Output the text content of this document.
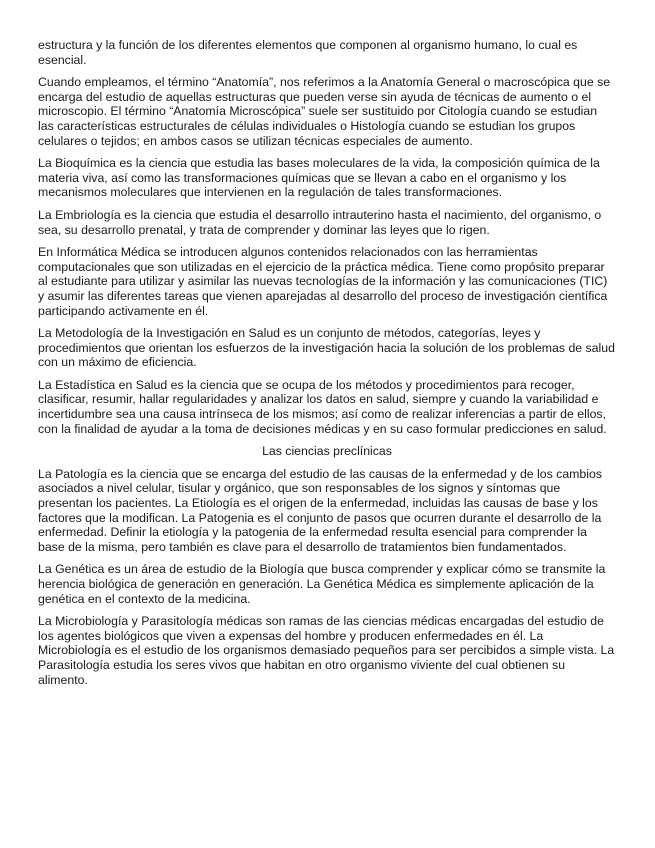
estructura y la función de los diferentes elementos que componen al organismo humano, lo cual es esencial.

Cuando empleamos, el término “Anatomía”, nos referimos a la Anatomía General o macroscópica que se encarga del estudio de aquellas estructuras que pueden verse sin ayuda de técnicas de aumento o el microscopio. El término “Anatomía Microscópica” suele ser sustituido por Citología cuando se estudian las características estructurales de células individuales o Histología cuando se estudian los grupos celulares o tejidos; en ambos casos se utilizan técnicas especiales de aumento.

La Bioquímica es la ciencia que estudia las bases moleculares de la vida, la composición química de la materia viva, así como las transformaciones químicas que se llevan a cabo en el organismo y los mecanismos moleculares que intervienen en la regulación de tales transformaciones.

La Embriología es la ciencia que estudia el desarrollo intrauterino hasta el nacimiento, del organismo, o sea, su desarrollo prenatal, y trata de comprender y dominar las leyes que lo rigen.

En Informática Médica se introducen algunos contenidos relacionados con las herramientas computacionales que son utilizadas en el ejercicio de la práctica médica. Tiene como propósito preparar al estudiante para utilizar y asimilar las nuevas tecnologías de la información y las comunicaciones (TIC) y asumir las diferentes tareas que vienen aparejadas al desarrollo del proceso de investigación científica participando activamente en él.

La Metodología de la Investigación en Salud es un conjunto de métodos, categorías, leyes y procedimientos que orientan los esfuerzos de la investigación hacia la solución de los problemas de salud con un máximo de eficiencia.

La Estadística en Salud es la ciencia que se ocupa de los métodos y procedimientos para recoger, clasificar, resumir, hallar regularidades y analizar los datos en salud, siempre y cuando la variabilidad e incertidumbre sea una causa intrínseca de los mismos; así como de realizar inferencias a partir de ellos, con la finalidad de ayudar a la toma de decisiones médicas y en su caso formular predicciones en salud.

Las ciencias preclínicas

La Patología es la ciencia que se encarga del estudio de las causas de la enfermedad y de los cambios asociados a nivel celular, tisular y orgánico, que son responsables de los signos y síntomas que presentan los pacientes. La Etiología es el origen de la enfermedad, incluidas las causas de base y los factores que la modifican. La Patogenia es el conjunto de pasos que ocurren durante el desarrollo de la enfermedad. Definir la etiología y la patogenia de la enfermedad resulta esencial para comprender la base de la misma, pero también es clave para el desarrollo de tratamientos bien fundamentados.

La Genética es un área de estudio de la Biología que busca comprender y explicar cómo se transmite la herencia biológica de generación en generación. La Genética Médica es simplemente aplicación de la genética en el contexto de la medicina.

La Microbiología y Parasitología médicas son ramas de las ciencias médicas encargadas del estudio de los agentes biológicos que viven a expensas del hombre y producen enfermedades en él. La Microbiología es el estudio de los organismos demasiado pequeños para ser percibidos a simple vista. La Parasitología estudia los seres vivos que habitan en otro organismo viviente del cual obtienen su alimento.
